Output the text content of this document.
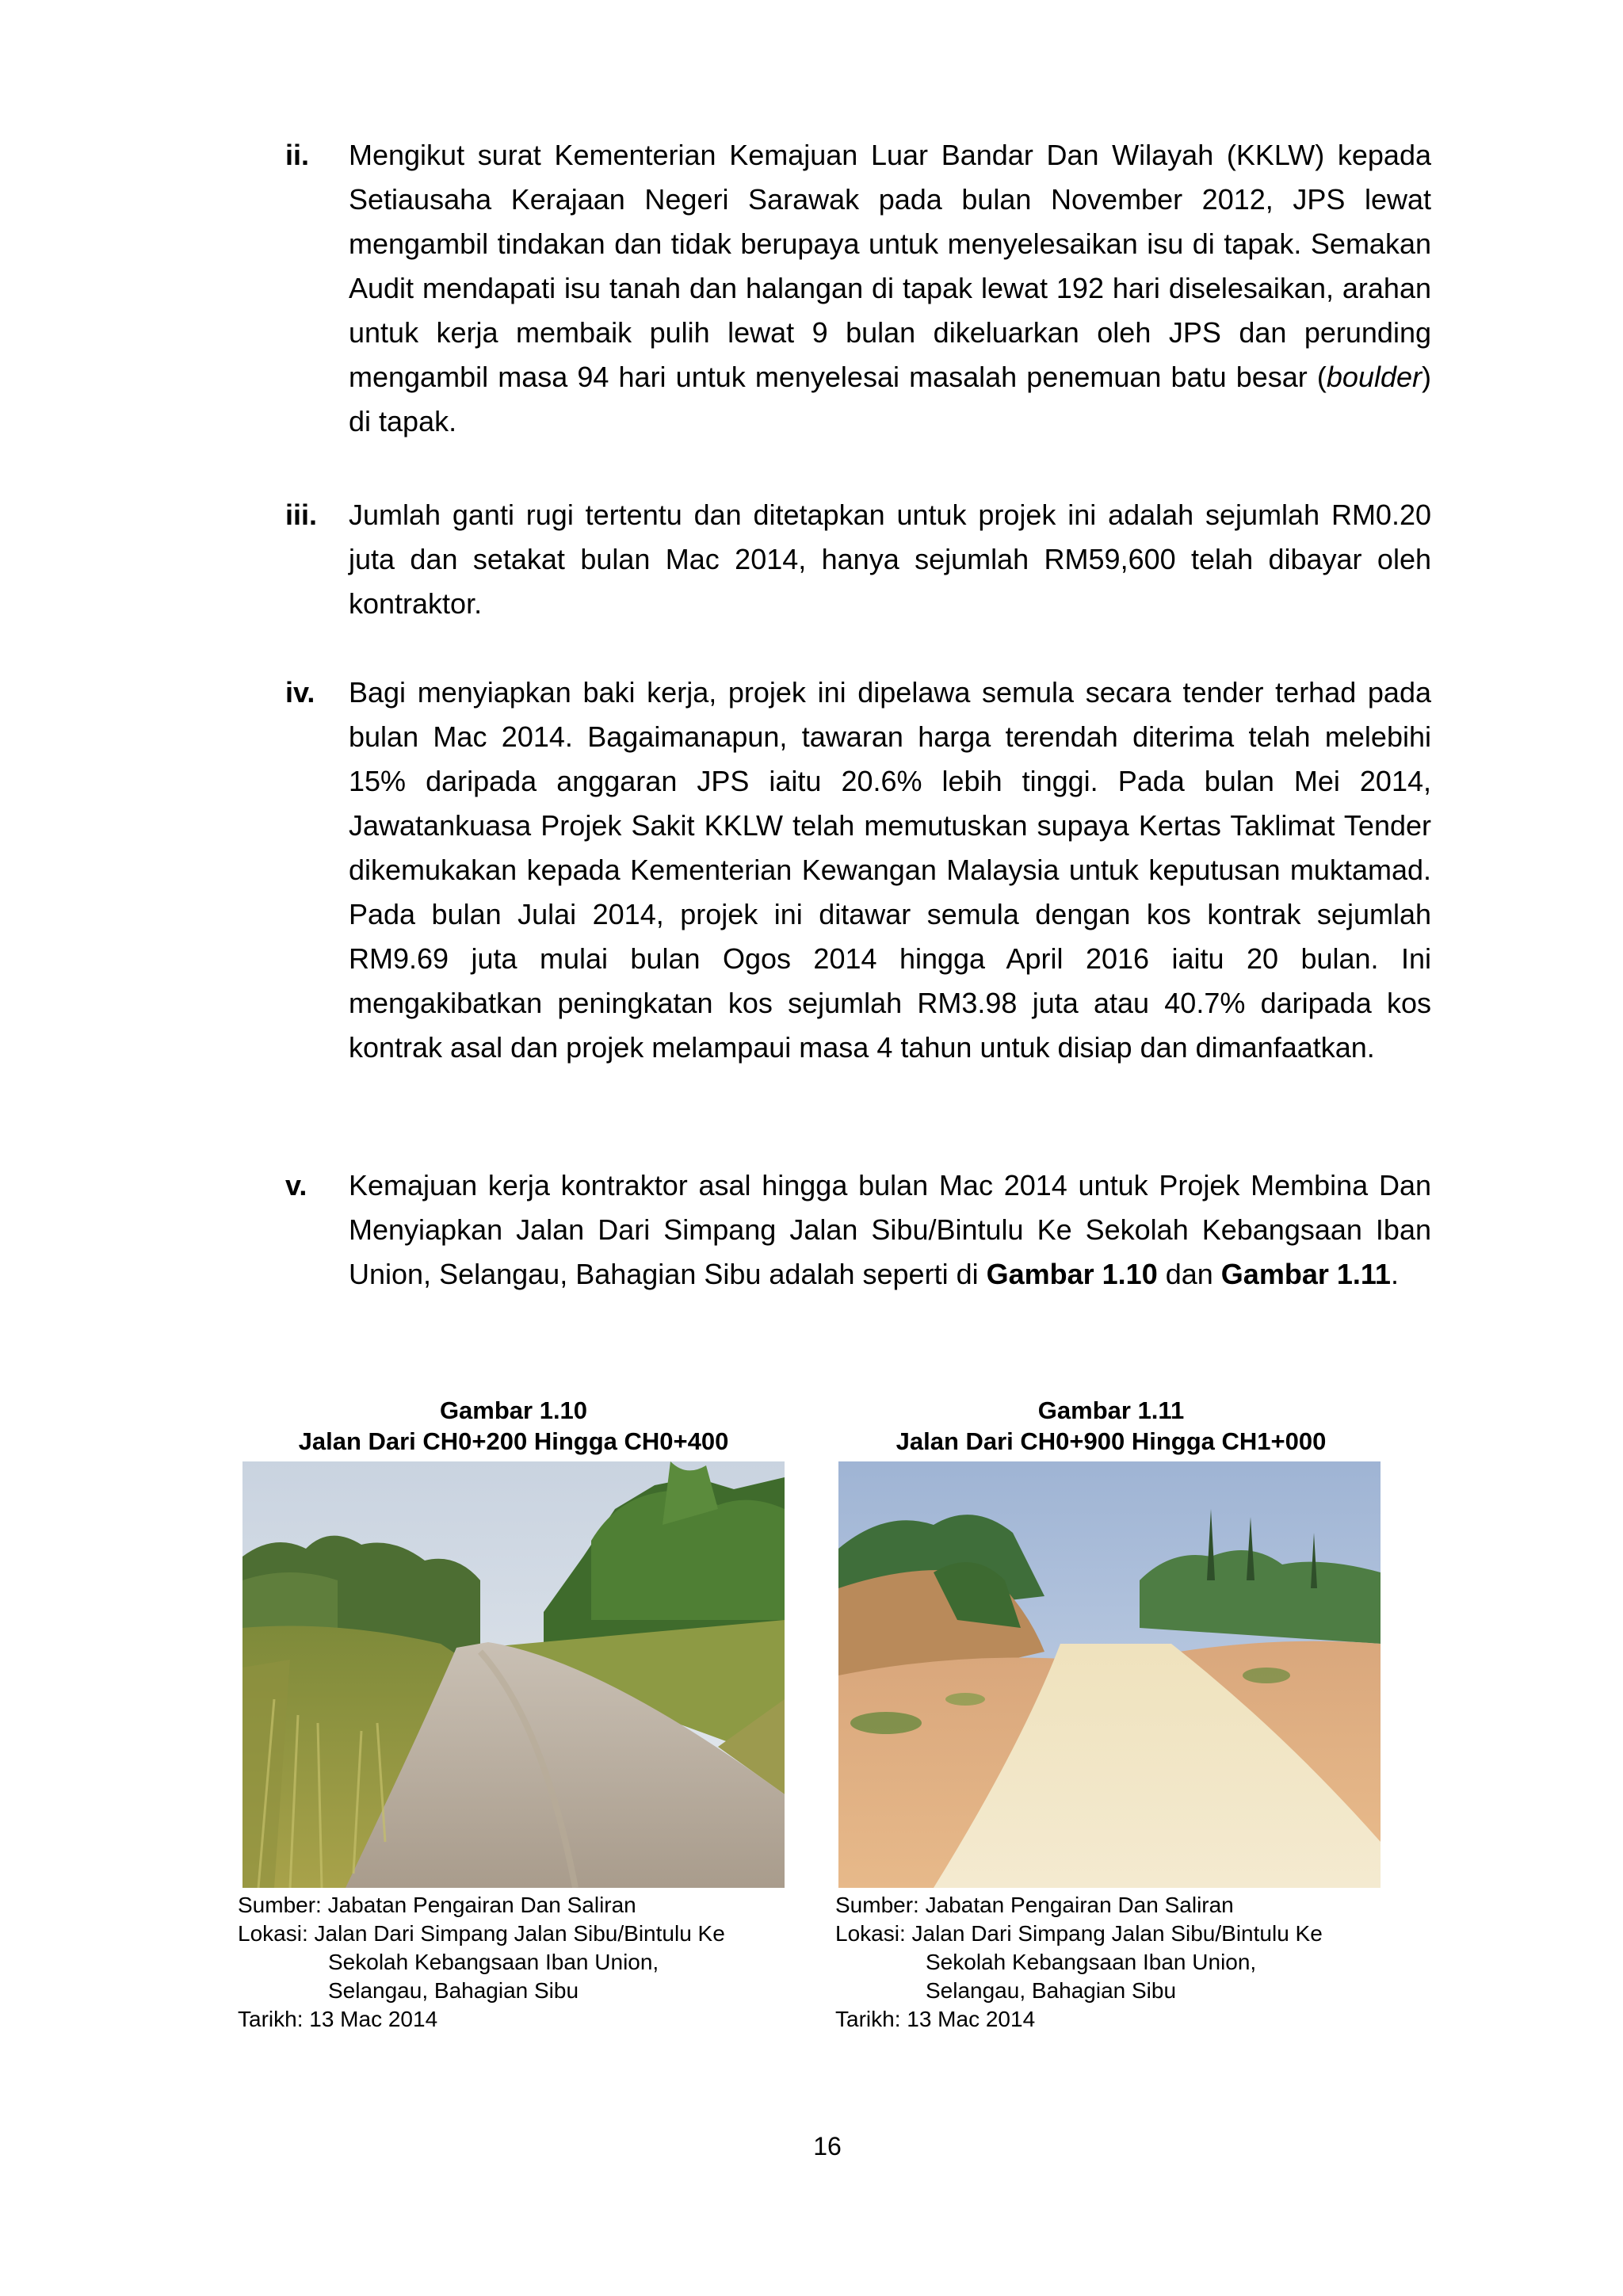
ii. Mengikut surat Kementerian Kemajuan Luar Bandar Dan Wilayah (KKLW) kepada Setiausaha Kerajaan Negeri Sarawak pada bulan November 2012, JPS lewat mengambil tindakan dan tidak berupaya untuk menyelesaikan isu di tapak. Semakan Audit mendapati isu tanah dan halangan di tapak lewat 192 hari diselesaikan, arahan untuk kerja membaik pulih lewat 9 bulan dikeluarkan oleh JPS dan perunding mengambil masa 94 hari untuk menyelesai masalah penemuan batu besar (boulder) di tapak.
iii. Jumlah ganti rugi tertentu dan ditetapkan untuk projek ini adalah sejumlah RM0.20 juta dan setakat bulan Mac 2014, hanya sejumlah RM59,600 telah dibayar oleh kontraktor.
iv. Bagi menyiapkan baki kerja, projek ini dipelawa semula secara tender terhad pada bulan Mac 2014. Bagaimanapun, tawaran harga terendah diterima telah melebihi 15% daripada anggaran JPS iaitu 20.6% lebih tinggi. Pada bulan Mei 2014, Jawatankuasa Projek Sakit KKLW telah memutuskan supaya Kertas Taklimat Tender dikemukakan kepada Kementerian Kewangan Malaysia untuk keputusan muktamad. Pada bulan Julai 2014, projek ini ditawar semula dengan kos kontrak sejumlah RM9.69 juta mulai bulan Ogos 2014 hingga April 2016 iaitu 20 bulan. Ini mengakibatkan peningkatan kos sejumlah RM3.98 juta atau 40.7% daripada kos kontrak asal dan projek melampaui masa 4 tahun untuk disiap dan dimanfaatkan.
v. Kemajuan kerja kontraktor asal hingga bulan Mac 2014 untuk Projek Membina Dan Menyiapkan Jalan Dari Simpang Jalan Sibu/Bintulu Ke Sekolah Kebangsaan Iban Union, Selangau, Bahagian Sibu adalah seperti di Gambar 1.10 dan Gambar 1.11.
Gambar 1.10
Jalan Dari CH0+200 Hingga CH0+400
Sumber: Jabatan Pengairan Dan Saliran
Lokasi: Jalan Dari Simpang Jalan Sibu/Bintulu Ke
Sekolah Kebangsaan Iban Union,
Selangau, Bahagian Sibu
Tarikh: 13 Mac 2014
Gambar 1.11
Jalan Dari CH0+900 Hingga CH1+000
Sumber: Jabatan Pengairan Dan Saliran
Lokasi: Jalan Dari Simpang Jalan Sibu/Bintulu Ke
Sekolah Kebangsaan Iban Union,
Selangau, Bahagian Sibu
Tarikh: 13 Mac 2014
16
